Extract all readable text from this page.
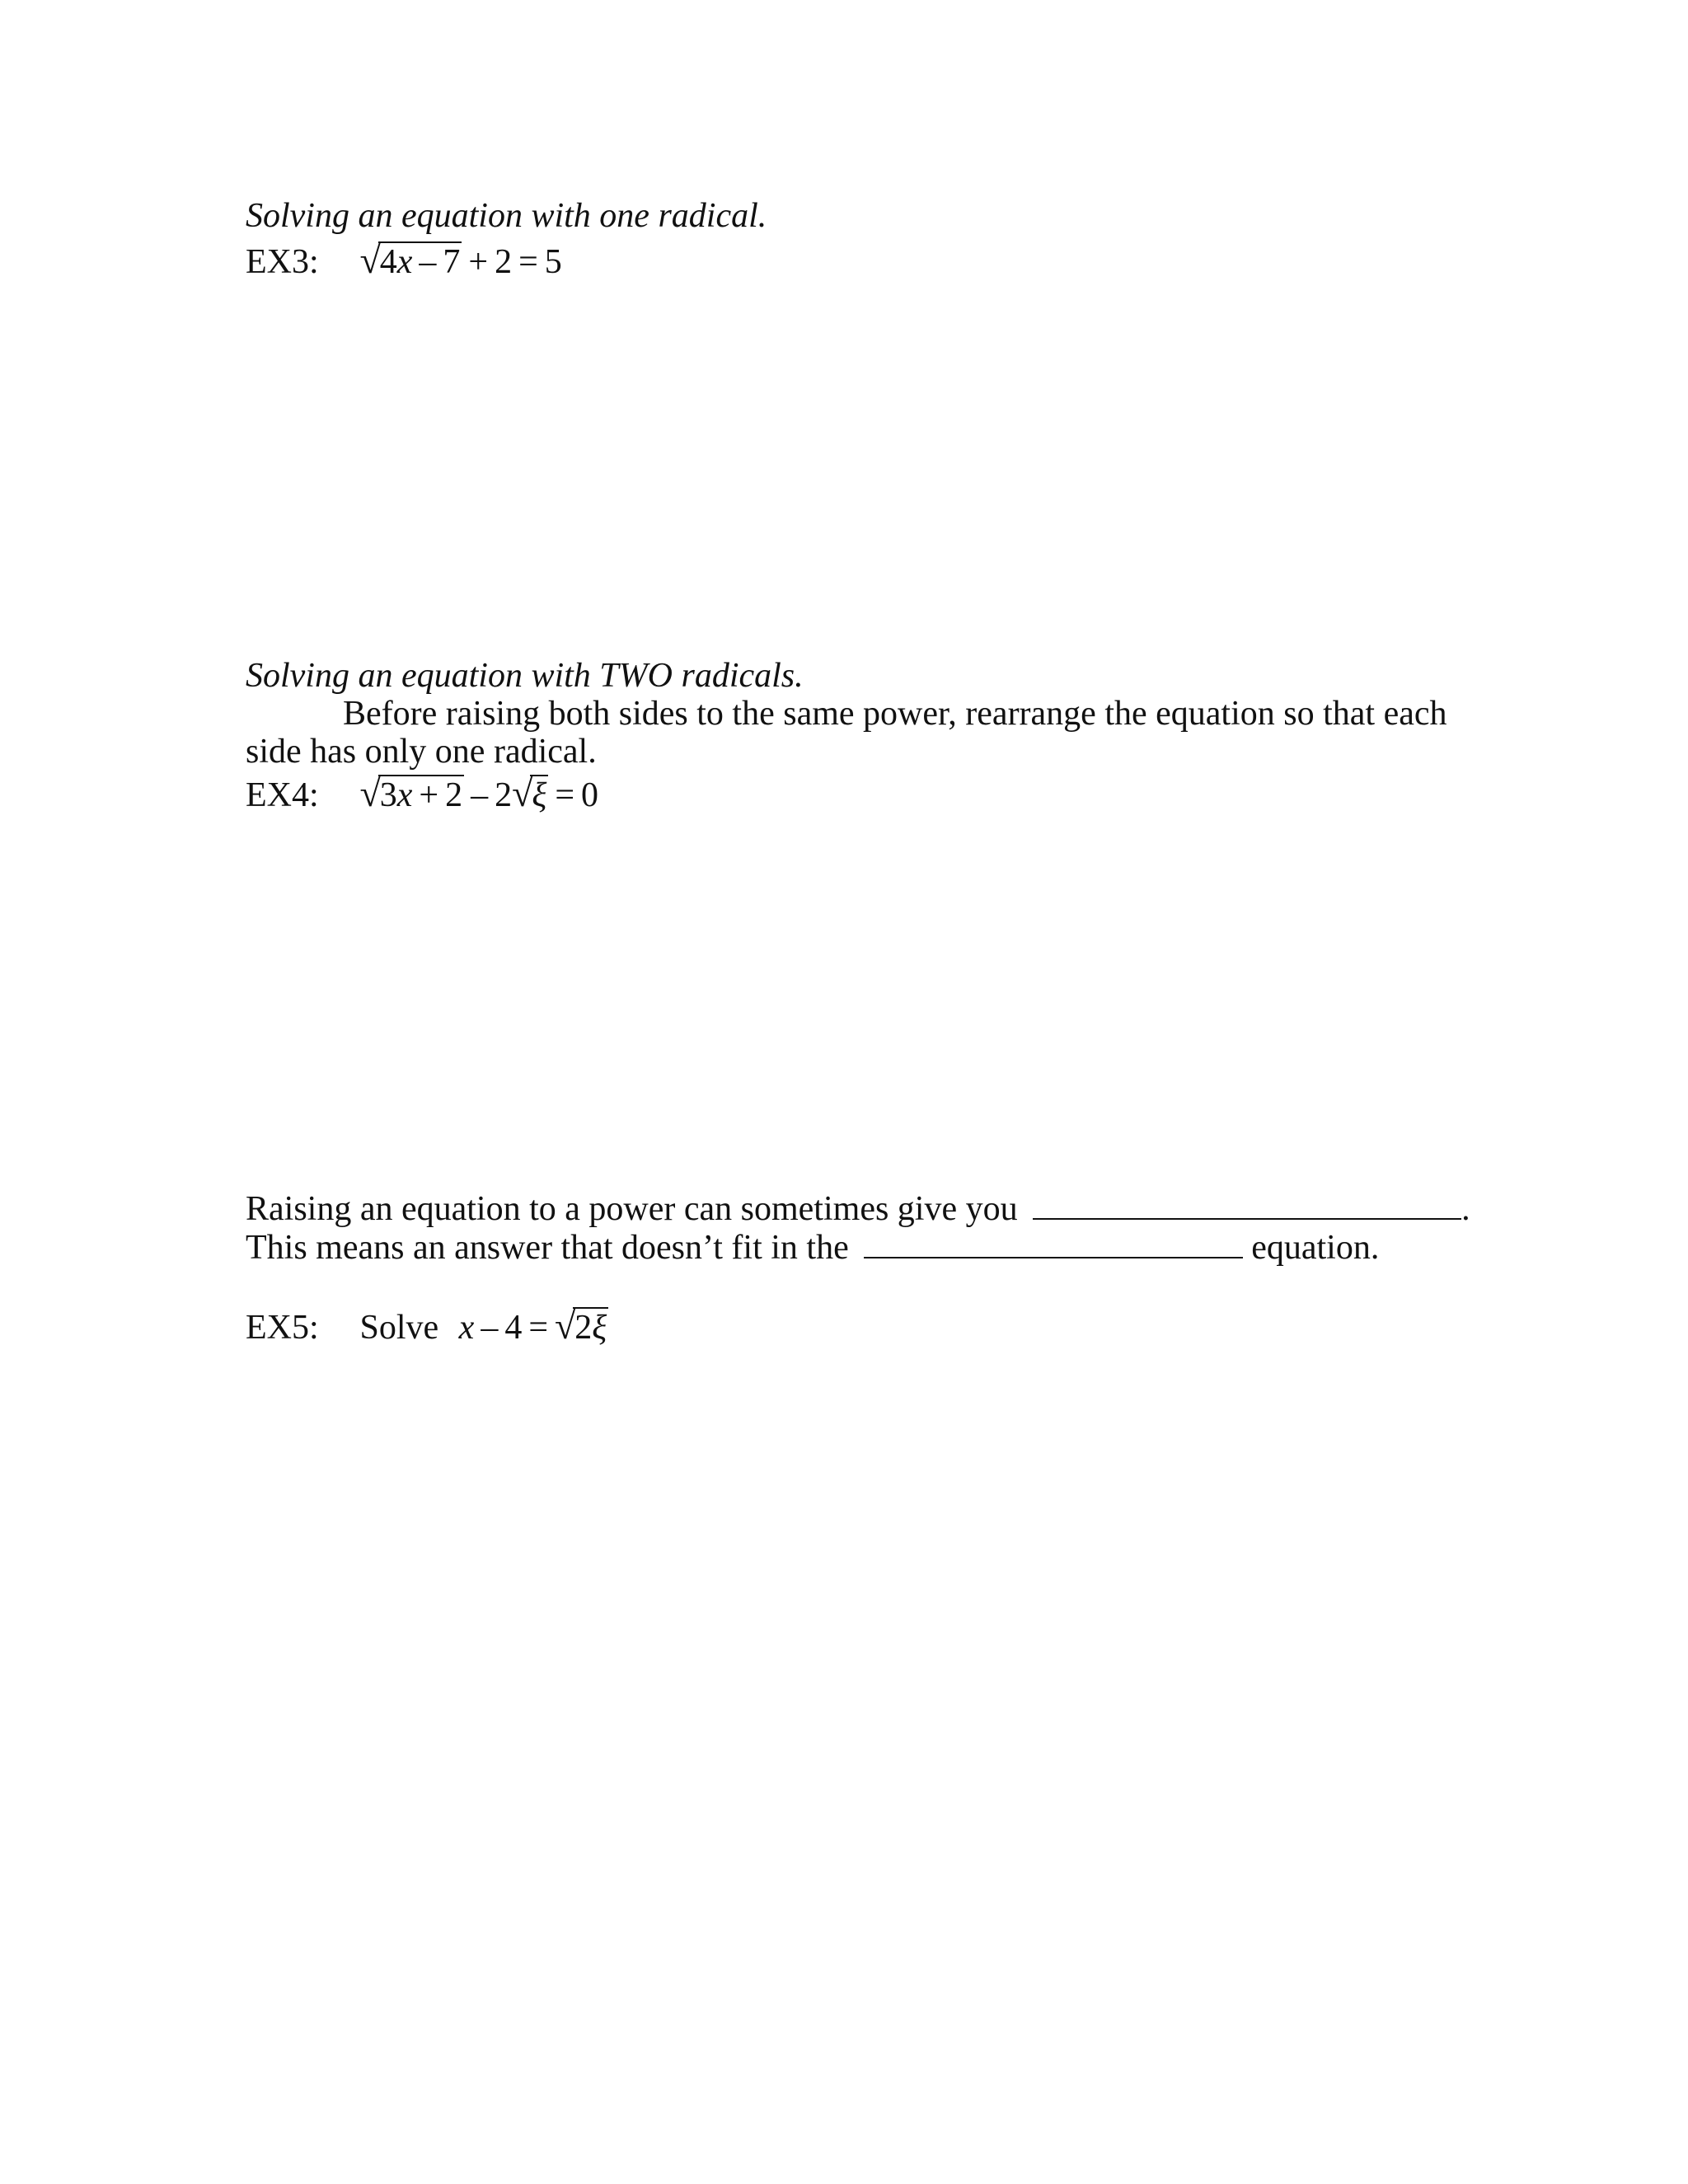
Solving an equation with one radical.
EX3: √4x – 7 + 2 = 5
Solving an equation with TWO radicals.
Before raising both sides to the same power, rearrange the equation so that each
side has only one radical.
EX4: √3x + 2 – 2√ξ = 0
Raising an equation to a power can sometimes give you	.
This means an answer that doesn’t fit in the	equation.
EX5: Solve x – 4 = √2ξ
